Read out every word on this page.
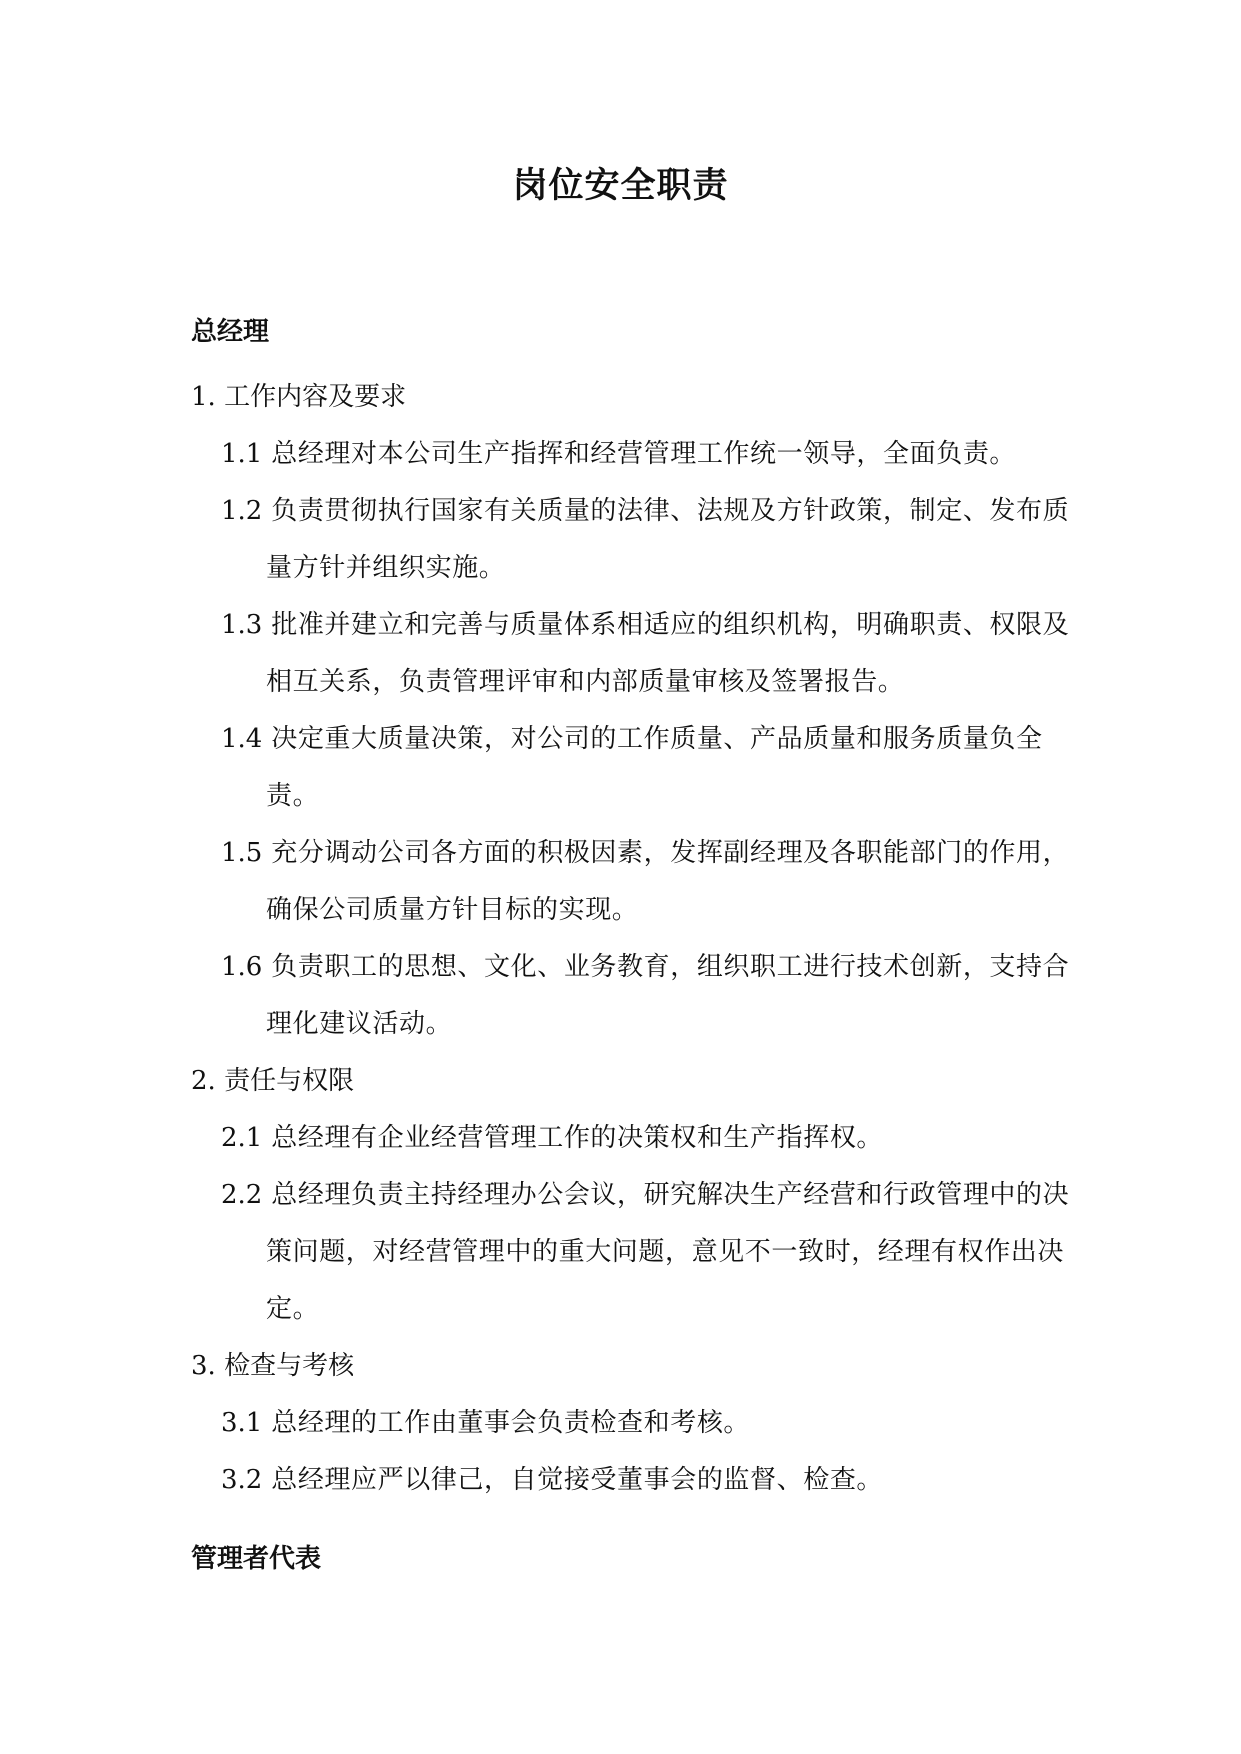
岗位安全职责
总经理

1. 工作内容及要求

1.1 总经理对本公司生产指挥和经营管理工作统一领导，全面负责。

1.2 负责贯彻执行国家有关质量的法律、法规及方针政策，制定、发布质量方针并组织实施。

1.3 批准并建立和完善与质量体系相适应的组织机构，明确职责、权限及相互关系，负责管理评审和内部质量审核及签署报告。

1.4 决定重大质量决策，对公司的工作质量、产品质量和服务质量负全责。

1.5 充分调动公司各方面的积极因素，发挥副经理及各职能部门的作用，确保公司质量方针目标的实现。

1.6 负责职工的思想、文化、业务教育，组织职工进行技术创新，支持合理化建议活动。

2. 责任与权限

2.1 总经理有企业经营管理工作的决策权和生产指挥权。

2.2 总经理负责主持经理办公会议，研究解决生产经营和行政管理中的决策问题，对经营管理中的重大问题，意见不一致时，经理有权作出决定。

3. 检查与考核

3.1 总经理的工作由董事会负责检查和考核。

3.2 总经理应严以律己，自觉接受董事会的监督、检查。

管理者代表
